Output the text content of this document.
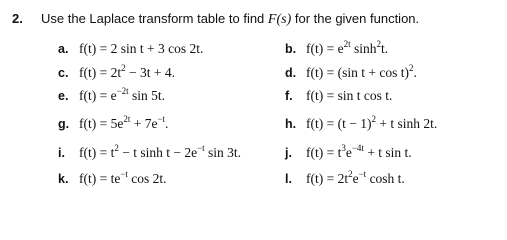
2. Use the Laplace transform table to find F(s) for the given function.
a. f(t) = 2 sin t + 3 cos 2t.
c. $f(t) = 2t^2 - 3t + 4$.
e. $f(t) = e^{-2t}$ sin 5t.
g. $f(t) = 5e^{2t} + 7e^{-t}$.
i. $f(t) = t^2 - t$ $\sinh t - 2e^{-t}$ sin 3t.
k. $f(t) = te^{-t}$ cos 2t.
b. $f(t) = e^{2t}$ $\sinh^2t$.
d. f(t) = (sin t + cos t)$^2$.
f. f(t) = sin t cos t.
h. $f(t) = (t - 1)^2 + t$ sinh 2t.
j. $f(t) = t^3e^{-4t} + t$ sin t.
l. $f(t) = 2t^2e^{-t}$ cosh t.
